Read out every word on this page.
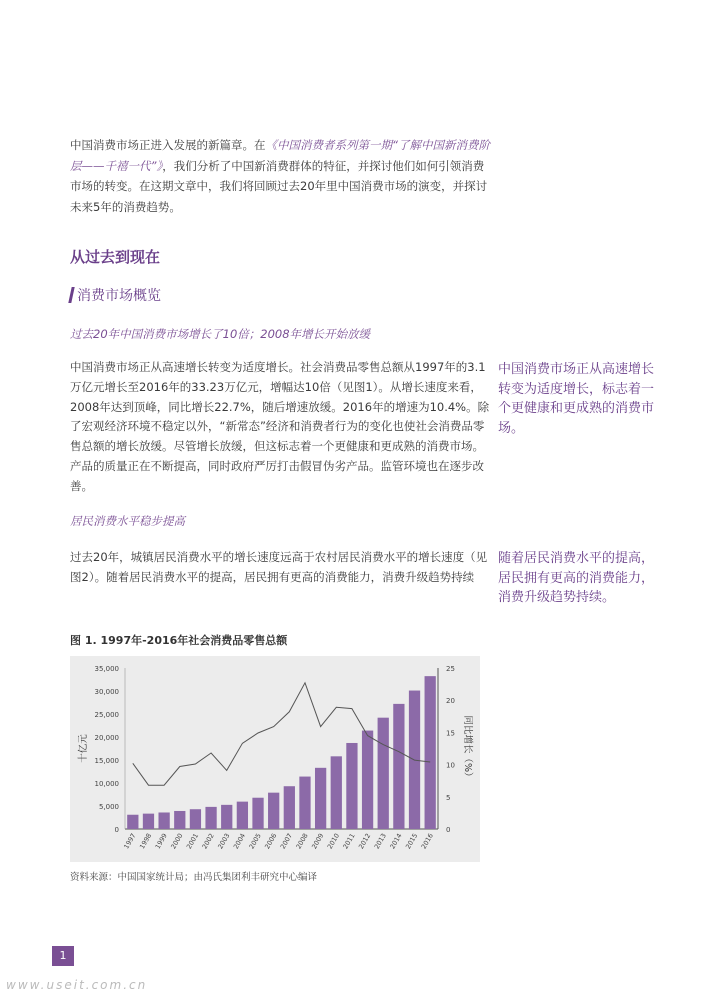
中国消费市场正进入发展的新篇章。在《中国消费者系列第一期“了解中国新消费阶层——千禧一代”》，我们分析了中国新消费群体的特征，并探讨他们如何引领消费市场的转变。在这期文章中，我们将回顾过去20年里中国消费市场的演变，并探讨未来5年的消费趋势。
从过去到现在
消费市场概览
过去20年中国消费市场增长了10倍；2008年增长开始放缓
中国消费市场正从高速增长转变为适度增长。社会消费品零售总额从1997年的3.1万亿元增长至2016年的33.23万亿元，增幅达10倍（见图1）。从增长速度来看，2008年达到顶峰，同比增长22.7%，随后增速放缓。2016年的增速为10.4%。除了宏观经济环境不稳定以外，“新常态”经济和消费者行为的变化也使社会消费品零售总额的增长放缓。尽管增长放缓，但这标志着一个更健康和更成熟的消费市场。产品的质量正在不断提高，同时政府严厉打击假冒伪劣产品。监管环境也在逐步改善。
中国消费市场正从高速增长转变为适度增长，标志着一个更健康和更成熟的消费市场。
居民消费水平稳步提高
过去20年，城镇居民消费水平的增长速度远高于农村居民消费水平的增长速度（见图2）。随着居民消费水平的提高，居民拥有更高的消费能力，消费升级趋势持续
随着居民消费水平的提高，居民拥有更高的消费能力，消费升级趋势持续。
图 1. 1997年-2016年社会消费品零售总额
0
5,000
10,000
15,000
20,000
25,000
30,000
35,000
0
5
10
15
20
25
1997 1998 1999 2000 2001 2002 2003 2004 2005 2006 2007 2008 2009 2010 2011 2012 2013 2014 2015 2016
十亿元	同比增长（%）
资料来源：中国国家统计局；由冯氏集团利丰研究中心编译
1
www.useit.com.cn
